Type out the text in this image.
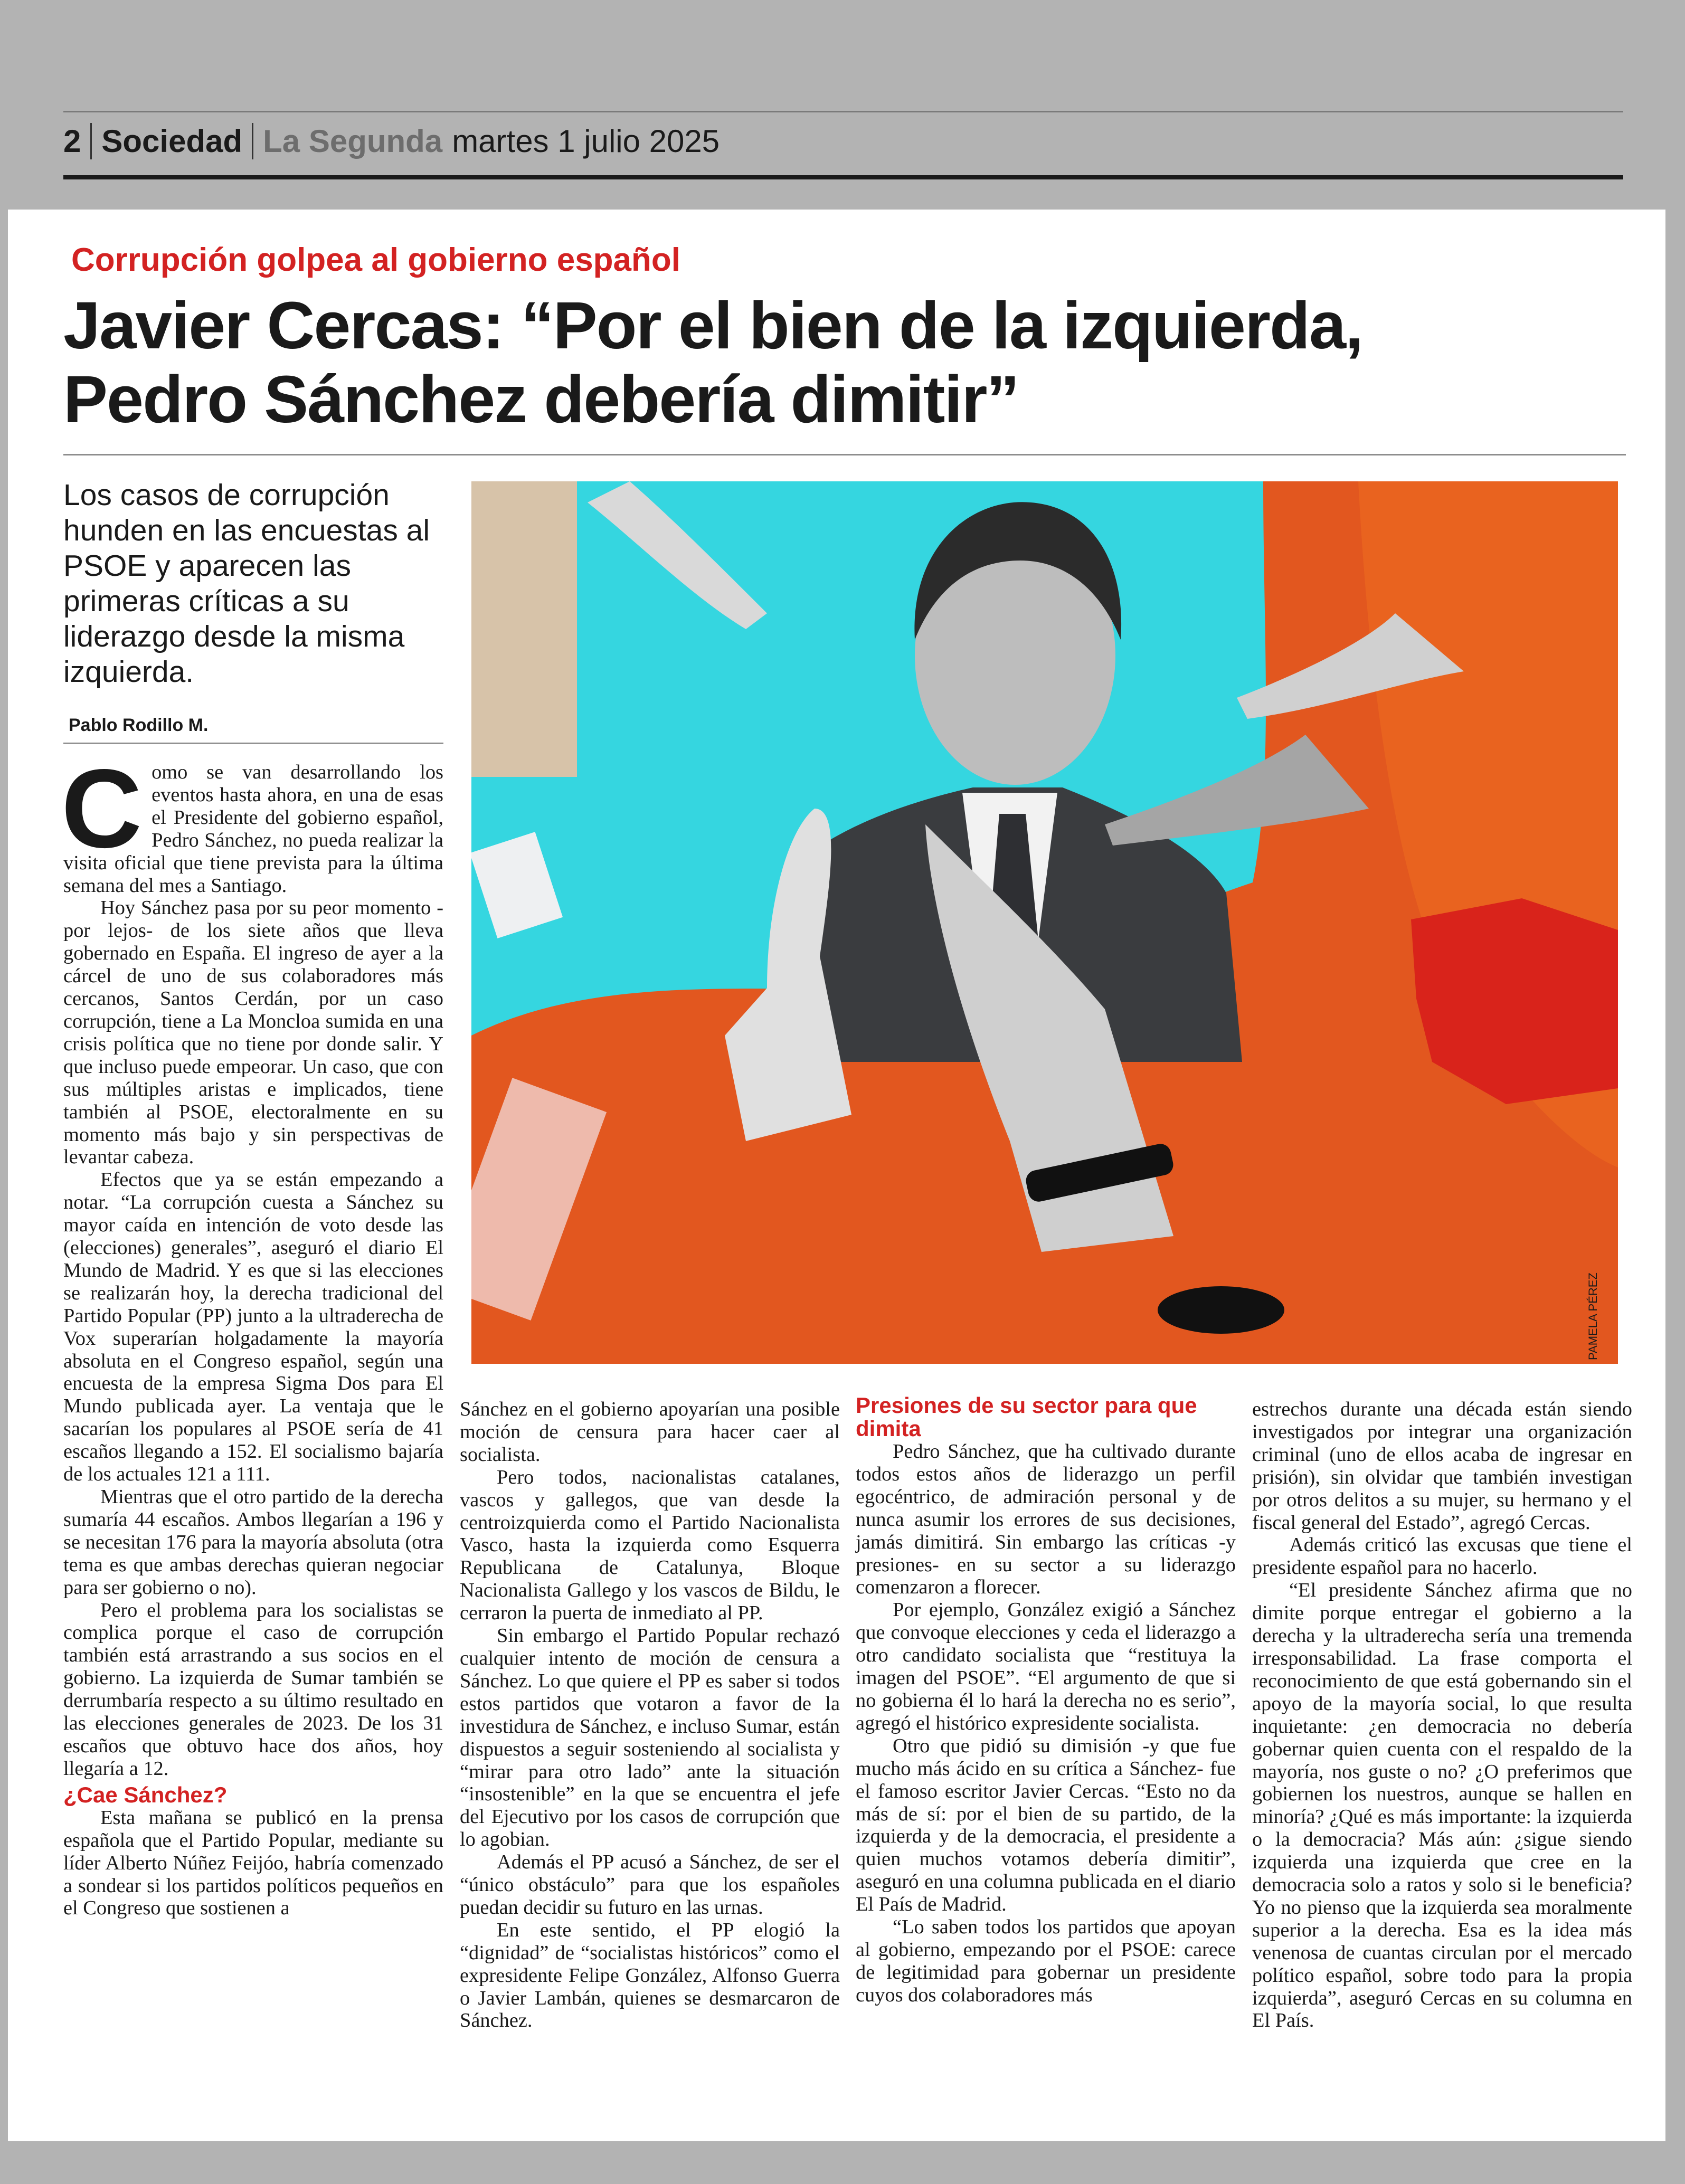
2 Sociedad La Segunda martes 1 julio 2025
Corrupción golpea al gobierno español
Javier Cercas: “Por el bien de la izquierda,
Pedro Sánchez debería dimitir”
Los casos de corrupción hunden en las encuestas al PSOE y aparecen las primeras críticas a su liderazgo desde la misma izquierda.
Pablo Rodillo M.

Como se van desarrollando los eventos hasta ahora, en una de esas el Presidente del gobierno español, Pedro Sánchez, no pueda realizar la visita oficial que tiene prevista para la última semana del mes a Santiago.

Hoy Sánchez pasa por su peor momento -por lejos- de los siete años que lleva gobernado en España. El ingreso de ayer a la cárcel de uno de sus colaboradores más cercanos, Santos Cerdán, por un caso corrupción, tiene a La Moncloa sumida en una crisis política que no tiene por donde salir. Y que incluso puede empeorar. Un caso, que con sus múltiples aristas e implicados, tiene también al PSOE, electoralmente en su momento más bajo y sin perspectivas de levantar cabeza.

Efectos que ya se están empezando a notar. “La corrupción cuesta a Sánchez su mayor caída en intención de voto desde las (elecciones) generales”, aseguró el diario El Mundo de Madrid. Y es que si las elecciones se realizarán hoy, la derecha tradicional del Partido Popular (PP) junto a la ultraderecha de Vox superarían holgadamente la mayoría absoluta en el Congreso español, según una encuesta de la empresa Sigma Dos para El Mundo publicada ayer. La ventaja que le sacarían los populares al PSOE sería de 41 escaños llegando a 152. El socialismo bajaría de los actuales 121 a 111.

Mientras que el otro partido de la derecha sumaría 44 escaños. Ambos llegarían a 196 y se necesitan 176 para la mayoría absoluta (otra tema es que ambas derechas quieran negociar para ser gobierno o no).

Pero el problema para los socialistas se complica porque el caso de corrupción también está arrastrando a sus socios en el gobierno. La izquierda de Sumar también se derrumbaría respecto a su último resultado en las elecciones generales de 2023. De los 31 escaños que obtuvo hace dos años, hoy llegaría a 12.

¿Cae Sánchez?

Esta mañana se publicó en la prensa española que el Partido Popular, mediante su líder Alberto Núñez Feijóo, habría comenzado a sondear si los partidos políticos pequeños en el Congreso que sostienen a

PAMELA PÉREZ

Sánchez en el gobierno apoyarían una posible moción de censura para hacer caer al socialista.

Pero todos, nacionalistas catalanes, vascos y gallegos, que van desde la centroizquierda como el Partido Nacionalista Vasco, hasta la izquierda como Esquerra Republicana de Catalunya, Bloque Nacionalista Gallego y los vascos de Bildu, le cerraron la puerta de inmediato al PP.

Sin embargo el Partido Popular rechazó cualquier intento de moción de censura a Sánchez. Lo que quiere el PP es saber si todos estos partidos que votaron a favor de la investidura de Sánchez, e incluso Sumar, están dispuestos a seguir sosteniendo al socialista y “mirar para otro lado” ante la situación “insostenible” en la que se encuentra el jefe del Ejecutivo por los casos de corrupción que lo agobian.

Además el PP acusó a Sánchez, de ser el “único obstáculo” para que los españoles puedan decidir su futuro en las urnas.

En este sentido, el PP elogió la “dignidad” de “socialistas históricos” como el expresidente Felipe González, Alfonso Guerra o Javier Lambán, quienes se desmarcaron de Sánchez.

Presiones de su sector para que dimita

Pedro Sánchez, que ha cultivado durante todos estos años de liderazgo un perfil egocéntrico, de admiración personal y de nunca asumir los errores de sus decisiones, jamás dimitirá. Sin embargo las críticas -y presiones- en su sector a su liderazgo comenzaron a florecer.

Por ejemplo, González exigió a Sánchez que convoque elecciones y ceda el liderazgo a otro candidato socialista que “restituya la imagen del PSOE”. “El argumento de que si no gobierna él lo hará la derecha no es serio”, agregó el histórico expresidente socialista.

Otro que pidió su dimisión -y que fue mucho más ácido en su crítica a Sánchez- fue el famoso escritor Javier Cercas. “Esto no da más de sí: por el bien de su partido, de la izquierda y de la democracia, el presidente a quien muchos votamos debería dimitir”, aseguró en una columna publicada en el diario El País de Madrid.

“Lo saben todos los partidos que apoyan al gobierno, empezando por el PSOE: carece de legitimidad para gobernar un presidente cuyos dos colaboradores más

estrechos durante una década están siendo investigados por integrar una organización criminal (uno de ellos acaba de ingresar en prisión), sin olvidar que también investigan por otros delitos a su mujer, su hermano y el fiscal general del Estado”, agregó Cercas.

Además criticó las excusas que tiene el presidente español para no hacerlo.

“El presidente Sánchez afirma que no dimite porque entregar el gobierno a la derecha y la ultraderecha sería una tremenda irresponsabilidad. La frase comporta el reconocimiento de que está gobernando sin el apoyo de la mayoría social, lo que resulta inquietante: ¿en democracia no debería gobernar quien cuenta con el respaldo de la mayoría, nos guste o no? ¿O preferimos que gobiernen los nuestros, aunque se hallen en minoría? ¿Qué es más importante: la izquierda o la democracia? Más aún: ¿sigue siendo izquierda una izquierda que cree en la democracia solo a ratos y solo si le beneficia? Yo no pienso que la izquierda sea moralmente superior a la derecha. Esa es la idea más venenosa de cuantas circulan por el mercado político español, sobre todo para la propia izquierda”, aseguró Cercas en su columna en El País.
